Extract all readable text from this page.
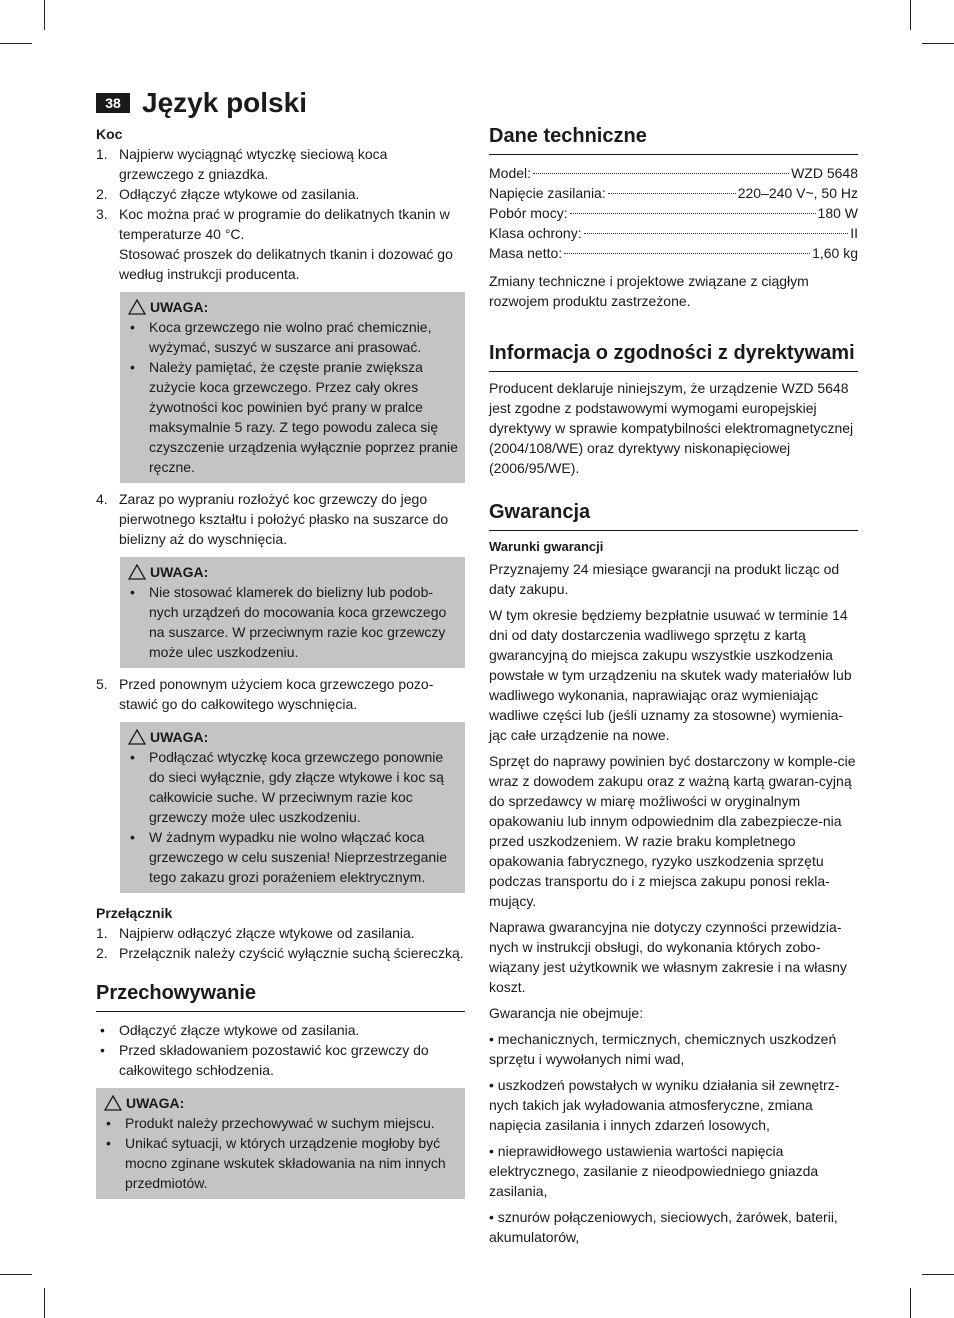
38 Język polski
Koc
1. Najpierw wyciągnąć wtyczkę sieciową koca grzewczego z gniazdka.
2. Odłączyć złącze wtykowe od zasilania.
3. Koc można prać w programie do delikatnych tkanin w temperaturze 40 °C.
Stosować proszek do delikatnych tkanin i dozować go według instrukcji producenta.
UWAGA:
• Koca grzewczego nie wolno prać chemicznie, wyżymać, suszyć w suszarce ani prasować.
• Należy pamiętać, że częste pranie zwiększa zużycie koca grzewczego. Przez cały okres żywotności koc powinien być prany w pralce maksymalnie 5 razy. Z tego powodu zaleca się czyszczenie urządzenia wyłącznie poprzez pranie ręczne.
4. Zaraz po wypraniu rozłożyć koc grzewczy do jego pierwotnego kształtu i położyć płasko na suszarce do bielizny aż do wyschnięcia.
UWAGA:
• Nie stosować klamerek do bielizny lub podob-nych urządzeń do mocowania koca grzewczego na suszarce. W przeciwnym razie koc grzewczy może ulec uszkodzeniu.
5. Przed ponownym użyciem koca grzewczego pozo-stawić go do całkowitego wyschnięcia.
UWAGA:
• Podłączać wtyczkę koca grzewczego ponownie do sieci wyłącznie, gdy złącze wtykowe i koc są całkowicie suche. W przeciwnym razie koc grzewczy może ulec uszkodzeniu.
• W żadnym wypadku nie wolno włączać koca grzewczego w celu suszenia! Nieprzestrzeganie tego zakazu grozi porażeniem elektrycznym.
Przełącznik
1. Najpierw odłączyć złącze wtykowe od zasilania.
2. Przełącznik należy czyścić wyłącznie suchą ściereczką.
Przechowywanie
• Odłączyć złącze wtykowe od zasilania.
• Przed składowaniem pozostawić koc grzewczy do całkowitego schłodzenia.
UWAGA:
• Produkt należy przechowywać w suchym miejscu.
• Unikać sytuacji, w których urządzenie mogłoby być mocno zginane wskutek składowania na nim innych przedmiotów.
Dane techniczne
Model:	WZD 5648
Napięcie zasilania:	220–240 V~, 50 Hz
Pobór mocy:	180 W
Klasa ochrony:	II
Masa netto:	1,60 kg

Zmiany techniczne i projektowe związane z ciągłym rozwojem produktu zastrzeżone.

Informacja o zgodności z dyrektywami

Producent deklaruje niniejszym, że urządzenie WZD 5648 jest zgodne z podstawowymi wymogami europejskiej dyrektywy w sprawie kompatybilności elektromagnetycznej (2004/108/WE) oraz dyrektywy niskonapięciowej (2006/95/WE).

Gwarancja
Warunki gwarancji

Przyznajemy 24 miesiące gwarancji na produkt licząc od daty zakupu.

W tym okresie będziemy bezpłatnie usuwać w terminie 14 dni od daty dostarczenia wadliwego sprzętu z kartą gwarancyjną do miejsca zakupu wszystkie uszkodzenia powstałe w tym urządzeniu na skutek wady materiałów lub wadliwego wykonania, naprawiając oraz wymieniając wadliwe części lub (jeśli uznamy za stosowne) wymienia-jąc całe urządzenie na nowe.

Sprzęt do naprawy powinien być dostarczony w komple-cie wraz z dowodem zakupu oraz z ważną kartą gwaran-cyjną do sprzedawcy w miarę możliwości w oryginalnym opakowaniu lub innym odpowiednim dla zabezpiecze-nia przed uszkodzeniem. W razie braku kompletnego opakowania fabrycznego, ryzyko uszkodzenia sprzętu podczas transportu do i z miejsca zakupu ponosi rekla-mujący.

Naprawa gwarancyjna nie dotyczy czynności przewidzia-nych w instrukcji obsługi, do wykonania których zobo-wiązany jest użytkownik we własnym zakresie i na własny koszt.

Gwarancja nie obejmuje:

• mechanicznych, termicznych, chemicznych uszkodzeń sprzętu i wywołanych nimi wad,

• uszkodzeń powstałych w wyniku działania sił zewnętrz-nych takich jak wyładowania atmosferyczne, zmiana napięcia zasilania i innych zdarzeń losowych,

• nieprawidłowego ustawienia wartości napięcia elektrycznego, zasilanie z nieodpowiedniego gniazda zasilania,

• sznurów połączeniowych, sieciowych, żarówek, baterii, akumulatorów,
